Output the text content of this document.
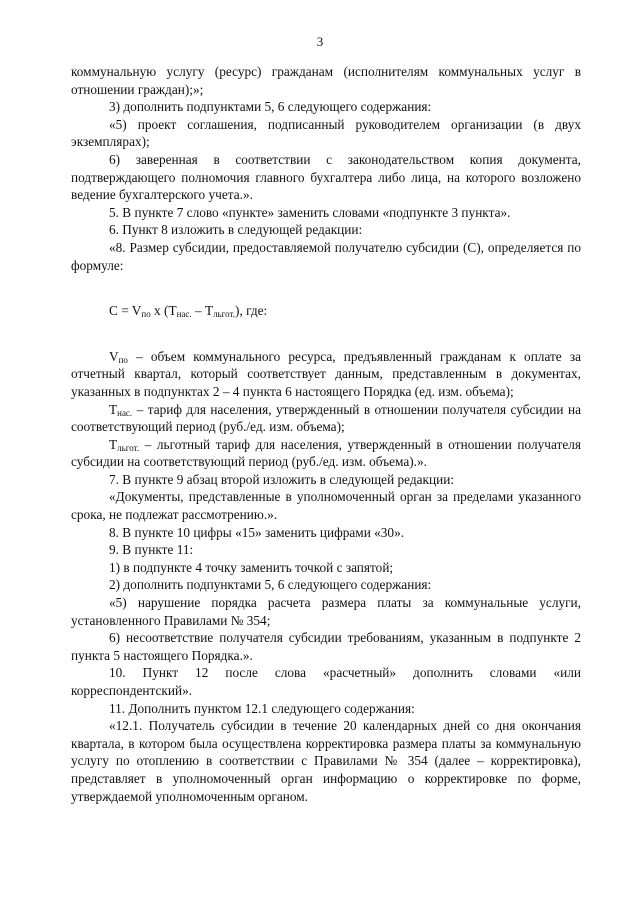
3

коммунальную услугу (ресурс) гражданам (исполнителям коммунальных услуг в отношении граждан);»;

3) дополнить подпунктами 5, 6 следующего содержания:

«5) проект соглашения, подписанный руководителем организации (в двух экземплярах);

6) заверенная в соответствии с законодательством копия документа, подтверждающего полномочия главного бухгалтера либо лица, на которого возложено ведение бухгалтерского учета.».

5. В пункте 7 слово «пункте» заменить словами «подпункте 3 пункта».

6. Пункт 8 изложить в следующей редакции:

«8. Размер субсидии, предоставляемой получателю субсидии (С), определяется по формуле:

$C = V_{по}$ x $(T_{нас.} - T_{льгот.})$, где:

$V_{по}$ – объем коммунального ресурса, предъявленный гражданам к оплате за отчетный квартал, который соответствует данным, представленным в документах, указанных в подпунктах 2 – 4 пункта 6 настоящего Порядка (ед. изм. объема);

$T_{нас.}$ – тариф для населения, утвержденный в отношении получателя субсидии на соответствующий период (руб./ед. изм. объема);

$T_{льгот.}$ – льготный тариф для населения, утвержденный в отношении получателя субсидии на соответствующий период (руб./ед. изм. объема).».

7. В пункте 9 абзац второй изложить в следующей редакции:

«Документы, представленные в уполномоченный орган за пределами указанного срока, не подлежат рассмотрению.».

8. В пункте 10 цифры «15» заменить цифрами «30».

9. В пункте 11:

1) в подпункте 4 точку заменить точкой с запятой;

2) дополнить подпунктами 5, 6 следующего содержания:

«5) нарушение порядка расчета размера платы за коммунальные услуги, установленного Правилами № 354;

6) несоответствие получателя субсидии требованиям, указанным в подпункте 2 пункта 5 настоящего Порядка.».

10. Пункт 12 после слова «расчетный» дополнить словами «или корреспондентский».

11. Дополнить пунктом 12.1 следующего содержания:

«12.1. Получатель субсидии в течение 20 календарных дней со дня окончания квартала, в котором была осуществлена корректировка размера платы за коммунальную услугу по отоплению в соответствии с Правилами № 354 (далее – корректировка), представляет в уполномоченный орган информацию о корректировке по форме, утверждаемой уполномоченным органом.
